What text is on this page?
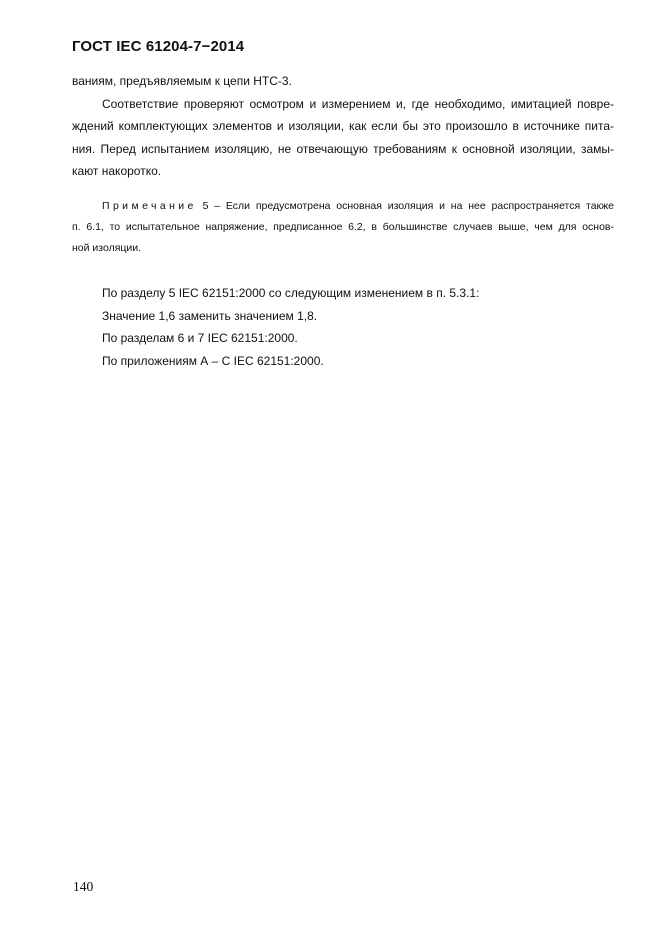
ГОСТ IEC 61204-7−2014
ваниям, предъявляемым к цепи НТС-3.
Соответствие проверяют осмотром и измерением и, где необходимо, имитацией повре-
ждений комплектующих элементов и изоляции, как если бы это произошло в источнике пита-
ния. Перед испытанием изоляцию, не отвечающую требованиям к основной изоляции, замы-
кают накоротко.
Примечание 5 – Если предусмотрена основная изоляция и на нее распространяется также
п. 6.1, то испытательное напряжение, предписанное 6.2, в большинстве случаев выше, чем для основ-
ной изоляции.
По разделу 5 IEC 62151:2000 со следующим изменением в п. 5.3.1:
Значение 1,6 заменить значением 1,8.
По разделам 6 и 7 IEC 62151:2000.
По приложениям А – С IEC 62151:2000.
140
